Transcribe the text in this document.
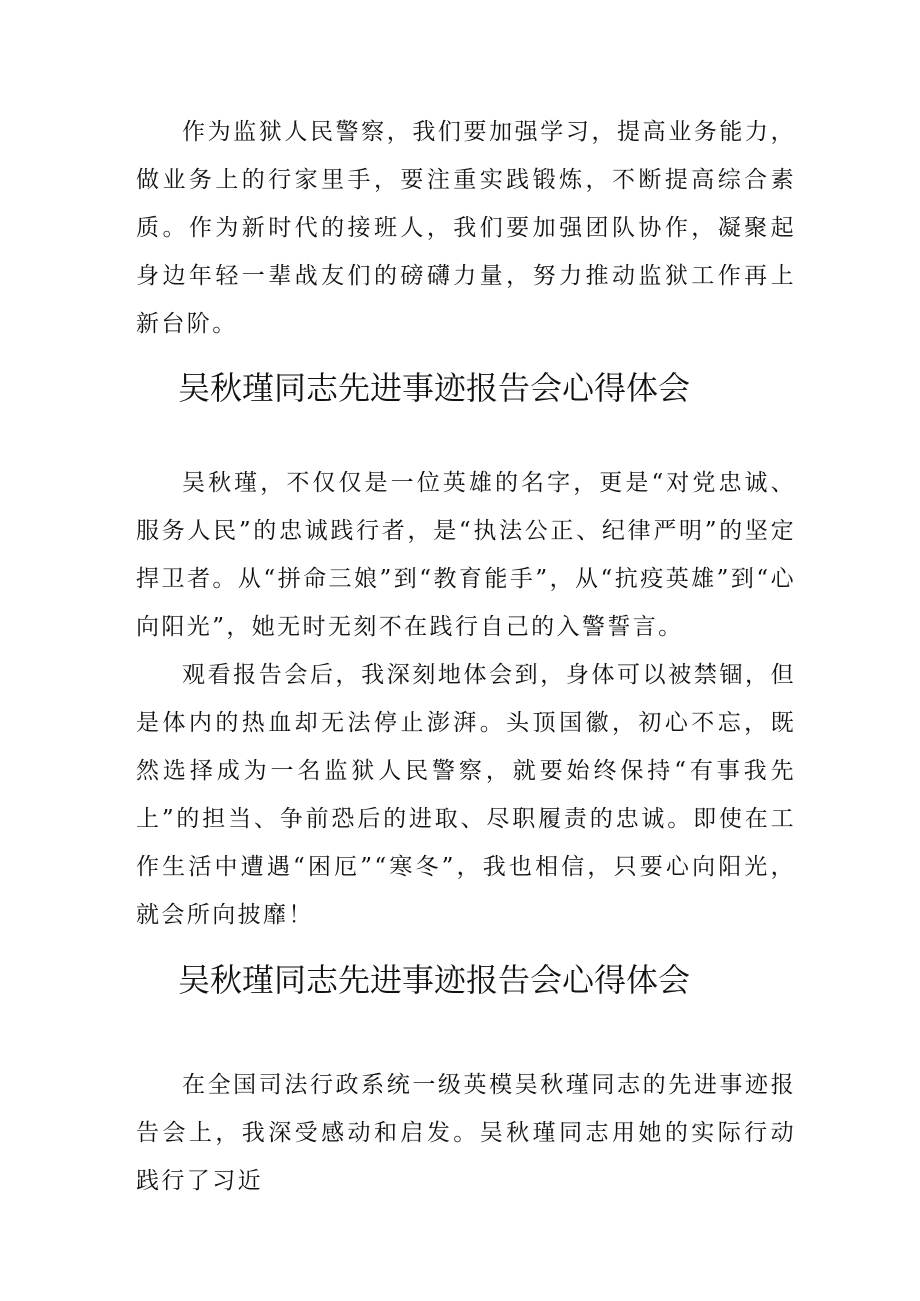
作为监狱人民警察，我们要加强学习，提高业务能力，做业务上的行家里手，要注重实践锻炼，不断提高综合素质。作为新时代的接班人，我们要加强团队协作，凝聚起身边年轻一辈战友们的磅礴力量，努力推动监狱工作再上新台阶。

吴秋瑾同志先进事迹报告会心得体会

吴秋瑾，不仅仅是一位英雄的名字，更是“对党忠诚、服务人民”的忠诚践行者，是“执法公正、纪律严明”的坚定捍卫者。从“拼命三娘”到“教育能手”，从“抗疫英雄”到“心向阳光”，她无时无刻不在践行自己的入警誓言。

观看报告会后，我深刻地体会到，身体可以被禁锢，但是体内的热血却无法停止澎湃。头顶国徽，初心不忘，既然选择成为一名监狱人民警察，就要始终保持“有事我先上”的担当、争前恐后的进取、尽职履责的忠诚。即使在工作生活中遭遇“困厄”“寒冬”，我也相信，只要心向阳光，就会所向披靡！

吴秋瑾同志先进事迹报告会心得体会

在全国司法行政系统一级英模吴秋瑾同志的先进事迹报告会上，我深受感动和启发。吴秋瑾同志用她的实际行动践行了习近
